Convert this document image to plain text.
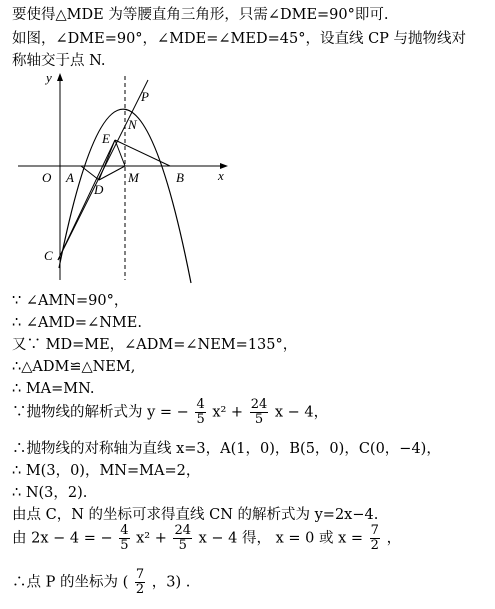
要使得△MDE 为等腰直角三角形，只需∠DME=90°即可.
如图，∠DME=90°，∠MDE=∠MED=45°，设直线 CP 与抛物线对
称轴交于点 N.
y
x
O A
D
M	B
C
E
N
P
∵ ∠AMN=90°，
∴ ∠AMD=∠NME.
又∵ MD=ME，∠ADM=∠NEM=135°，
∴△ADM≌△NEM,
∴ MA=MN.
∵抛物线的解析式为 y = − $\frac{4}{5} x^2 + \frac{24}{5}$ x − 4，
∴抛物线的对称轴为直线 x=3，A(1，0)，B(5，0)，C(0，−4)，
∴ M(3，0)，MN=MA=2，
∴ N(3，2).
由点 C，N 的坐标可求得直线 CN 的解析式为 y=2x−4.
由 2x − 4 = − $\frac{4}{5} x^2 + \frac{24}{5}$ x − 4 得， x = 0 或 $x = \frac{7}{2}$ ，
∴点 P 的坐标为 ( $\frac{7}{2}$ ，3) .
